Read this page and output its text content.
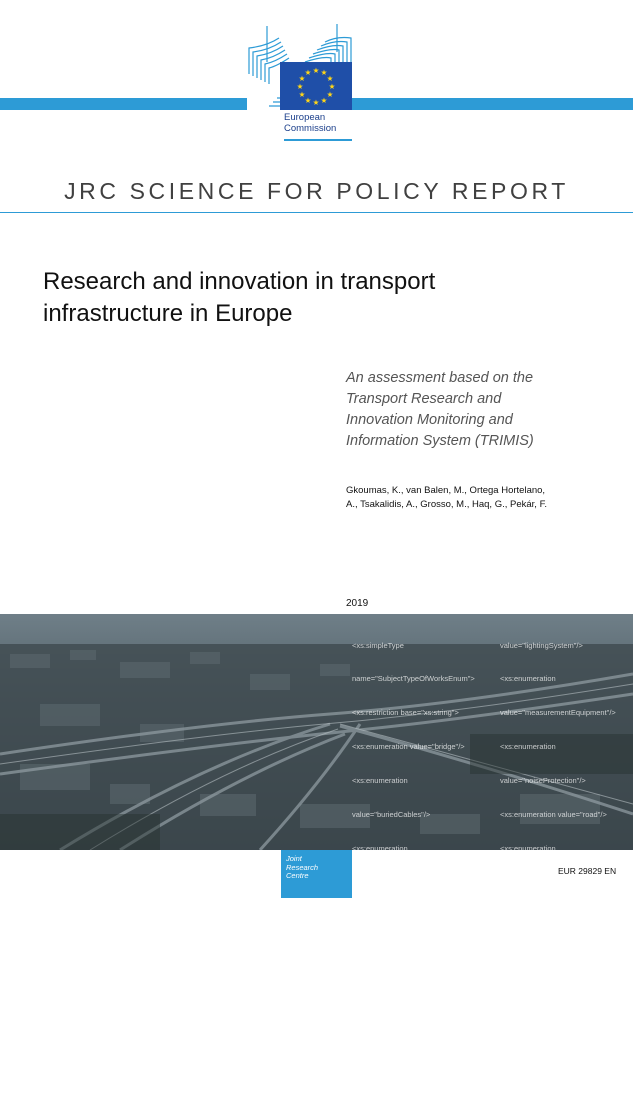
★ ★
★
★
★
★
★
★
★
★
★
★
European
Commission
JRC SCIENCE FOR POLICY REPORT
Research and innovation in transport
infrastructure in Europe
An assessment based on the
Transport Research and
Innovation Monitoring and
Information System (TRIMIS)
Gkoumas, K., van Balen, M., Ortega Hortelano,
A., Tsakalidis, A., Grosso, M., Haq, G., Pekár, F.
2019

<xs:simpleType

name="SubjectTypeOfWorksEnum">

<xs:restriction base="xs:string">

<xs:enumeration value="bridge"/>

<xs:enumeration

value="buriedCables"/>

<xs:enumeration

value="buriedServices"/>

<xs:enumeration

value="crashBarrier"/>

<xs:enumeration value="gallery"/>

<xs:enumeration value="gantry"/>

<xs:enumeration

value="gatesOfWork"/>

value="lightingSystem"/>

<xs:enumeration

value="measurementEquipment"/>

<xs:enumeration

value="noiseProtection"/>

<xs:enumeration value="road"/>

<xs:enumeration

value="roadsideDrains"/>

<xs:enumeration

value="roadsideEmbankment"/>

<xs:enumeration

value="roadsideEquipment"/>

<xs:enumeration value="roadSigns"/>

<xs:enumeration

Joint
Research
Centre	EUR 29829 EN
